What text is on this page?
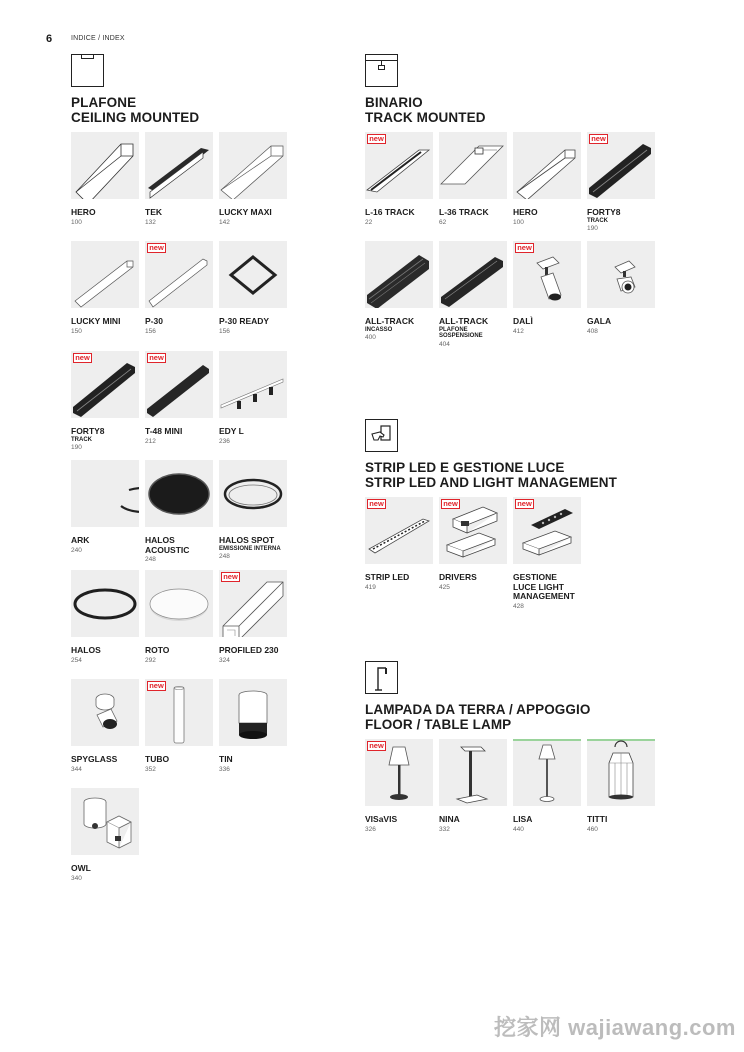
6	INDICE / INDEX
PLAFONE
CEILING MOUNTED
BINARIO
TRACK MOUNTED
STRIP LED E GESTIONE LUCE
STRIP LED AND LIGHT MANAGEMENT
LAMPADA DA TERRA / APPOGGIO
FLOOR / TABLE LAMP
HERO
100
TEK
132
LUCKY MAXI
142
LUCKY MINI
150
new
P-30
156
P-30 READY
156
new
FORTY8
TRACK
190
new
T-48 MINI
212
EDY L
236
ARK
240
HALOS ACOUSTIC
248
HALOS SPOT
EMISSIONE INTERNA
248
HALOS
254
ROTO
292
new
PROFILED 230
324
SPYGLASS
344
new
TUBO
352
TIN
336
OWL
340
new
L-16 TRACK
22
L-36 TRACK
62
HERO
100
new
FORTY8
TRACK
190
ALL-TRACK
INCASSO
400
ALL-TRACK
PLAFONE SOSPENSIONE
404
new
DALÌ
412
GALA
408
new
STRIP LED
419
new
DRIVERS
425
new
GESTIONE LUCE LIGHT MANAGEMENT
428
new
VISaVIS
326
NINA
332
LISA
440
TITTI
460
挖家网 wajiawang.com
